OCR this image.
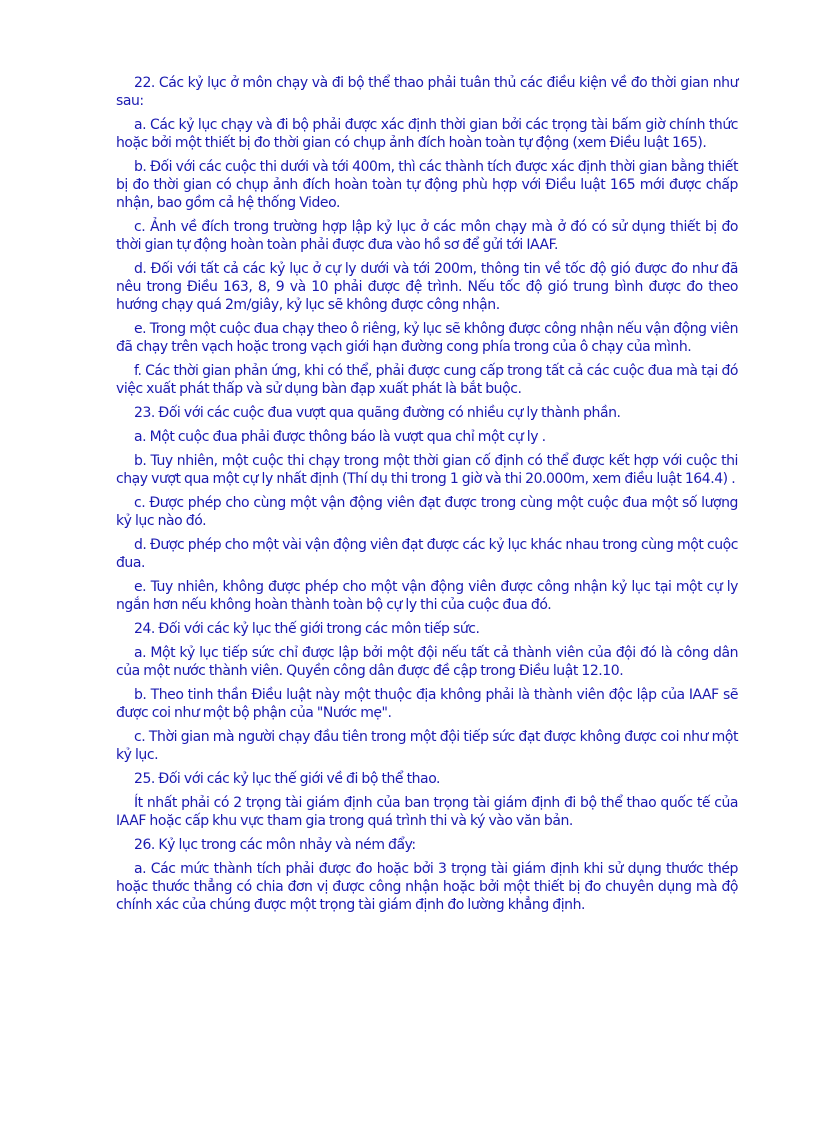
22. Các kỷ lục ở môn chạy và đi bộ thể thao phải tuân thủ các điều kiện về đo thời gian như sau:

a. Các kỷ lục chạy và đi bộ phải được xác định thời gian bởi các trọng tài bấm giờ chính thức hoặc bởi một thiết bị đo thời gian có chụp ảnh đích hoàn toàn tự động (xem Điều luật 165).

b. Đối với các cuộc thi dưới và tới 400m, thì các thành tích được xác định thời gian bằng thiết bị đo thời gian có chụp ảnh đích hoàn toàn tự động phù hợp với Điều luật 165 mới được chấp nhận, bao gồm cả hệ thống Video.

c. Ảnh về đích trong trường hợp lập kỷ lục ở các môn chạy mà ở đó có sử dụng thiết bị đo thời gian tự động hoàn toàn phải được đưa vào hồ sơ để gửi tới IAAF.

d. Đối với tất cả các kỷ lục ở cự ly dưới và tới 200m, thông tin về tốc độ gió được đo như đã nêu trong Điều 163, 8, 9 và 10 phải được đệ trình. Nếu tốc độ gió trung bình được đo theo hướng chạy quá 2m/giây, kỷ lục sẽ không được công nhận.

e. Trong một cuộc đua chạy theo ô riêng, kỷ lục sẽ không được công nhận nếu vận động viên đã chạy trên vạch hoặc trong vạch giới hạn đường cong phía trong của ô chạy của mình.

f. Các thời gian phản ứng, khi có thể, phải được cung cấp trong tất cả các cuộc đua mà tại đó việc xuất phát thấp và sử dụng bàn đạp xuất phát là bắt buộc.

23. Đối với các cuộc đua vượt qua quãng đường có nhiều cự ly thành phần.

a. Một cuộc đua phải được thông báo là vượt qua chỉ một cự ly .

b. Tuy nhiên, một cuộc thi chạy trong một thời gian cố định có thể được kết hợp với cuộc thi chạy vượt qua một cự ly nhất định (Thí dụ thi trong 1 giờ và thi 20.000m, xem điều luật 164.4) .

c. Được phép cho cùng một vận động viên đạt được trong cùng một cuộc đua một số lượng kỷ lục nào đó.

d. Được phép cho một vài vận động viên đạt được các kỷ lục khác nhau trong cùng một cuộc đua.

e. Tuy nhiên, không được phép cho một vận động viên được công nhận kỷ lục tại một cự ly ngắn hơn nếu không hoàn thành toàn bộ cự ly thi của cuộc đua đó.

24. Đối với các kỷ lục thế giới trong các môn tiếp sức.

a. Một kỷ lục tiếp sức chỉ được lập bởi một đội nếu tất cả thành viên của đội đó là công dân của một nước thành viên. Quyền công dân được đề cập trong Điều luật 12.10.

b. Theo tinh thần Điều luật này một thuộc địa không phải là thành viên độc lập của IAAF sẽ được coi như một bộ phận của "Nước mẹ".

c. Thời gian mà người chạy đầu tiên trong một đội tiếp sức đạt được không được coi như một kỷ lục.

25. Đối với các kỷ lục thế giới về đi bộ thể thao.

Ít nhất phải có 2 trọng tài giám định của ban trọng tài giám định đi bộ thể thao quốc tế của IAAF hoặc cấp khu vực tham gia trong quá trình thi và ký vào văn bản.

26. Kỷ lục trong các môn nhảy và ném đẩy:

a. Các mức thành tích phải được đo hoặc bởi 3 trọng tài giám định khi sử dụng thước thép hoặc thước thẳng có chia đơn vị được công nhận hoặc bởi một thiết bị đo chuyên dụng mà độ chính xác của chúng được một trọng tài giám định đo lường khẳng định.
